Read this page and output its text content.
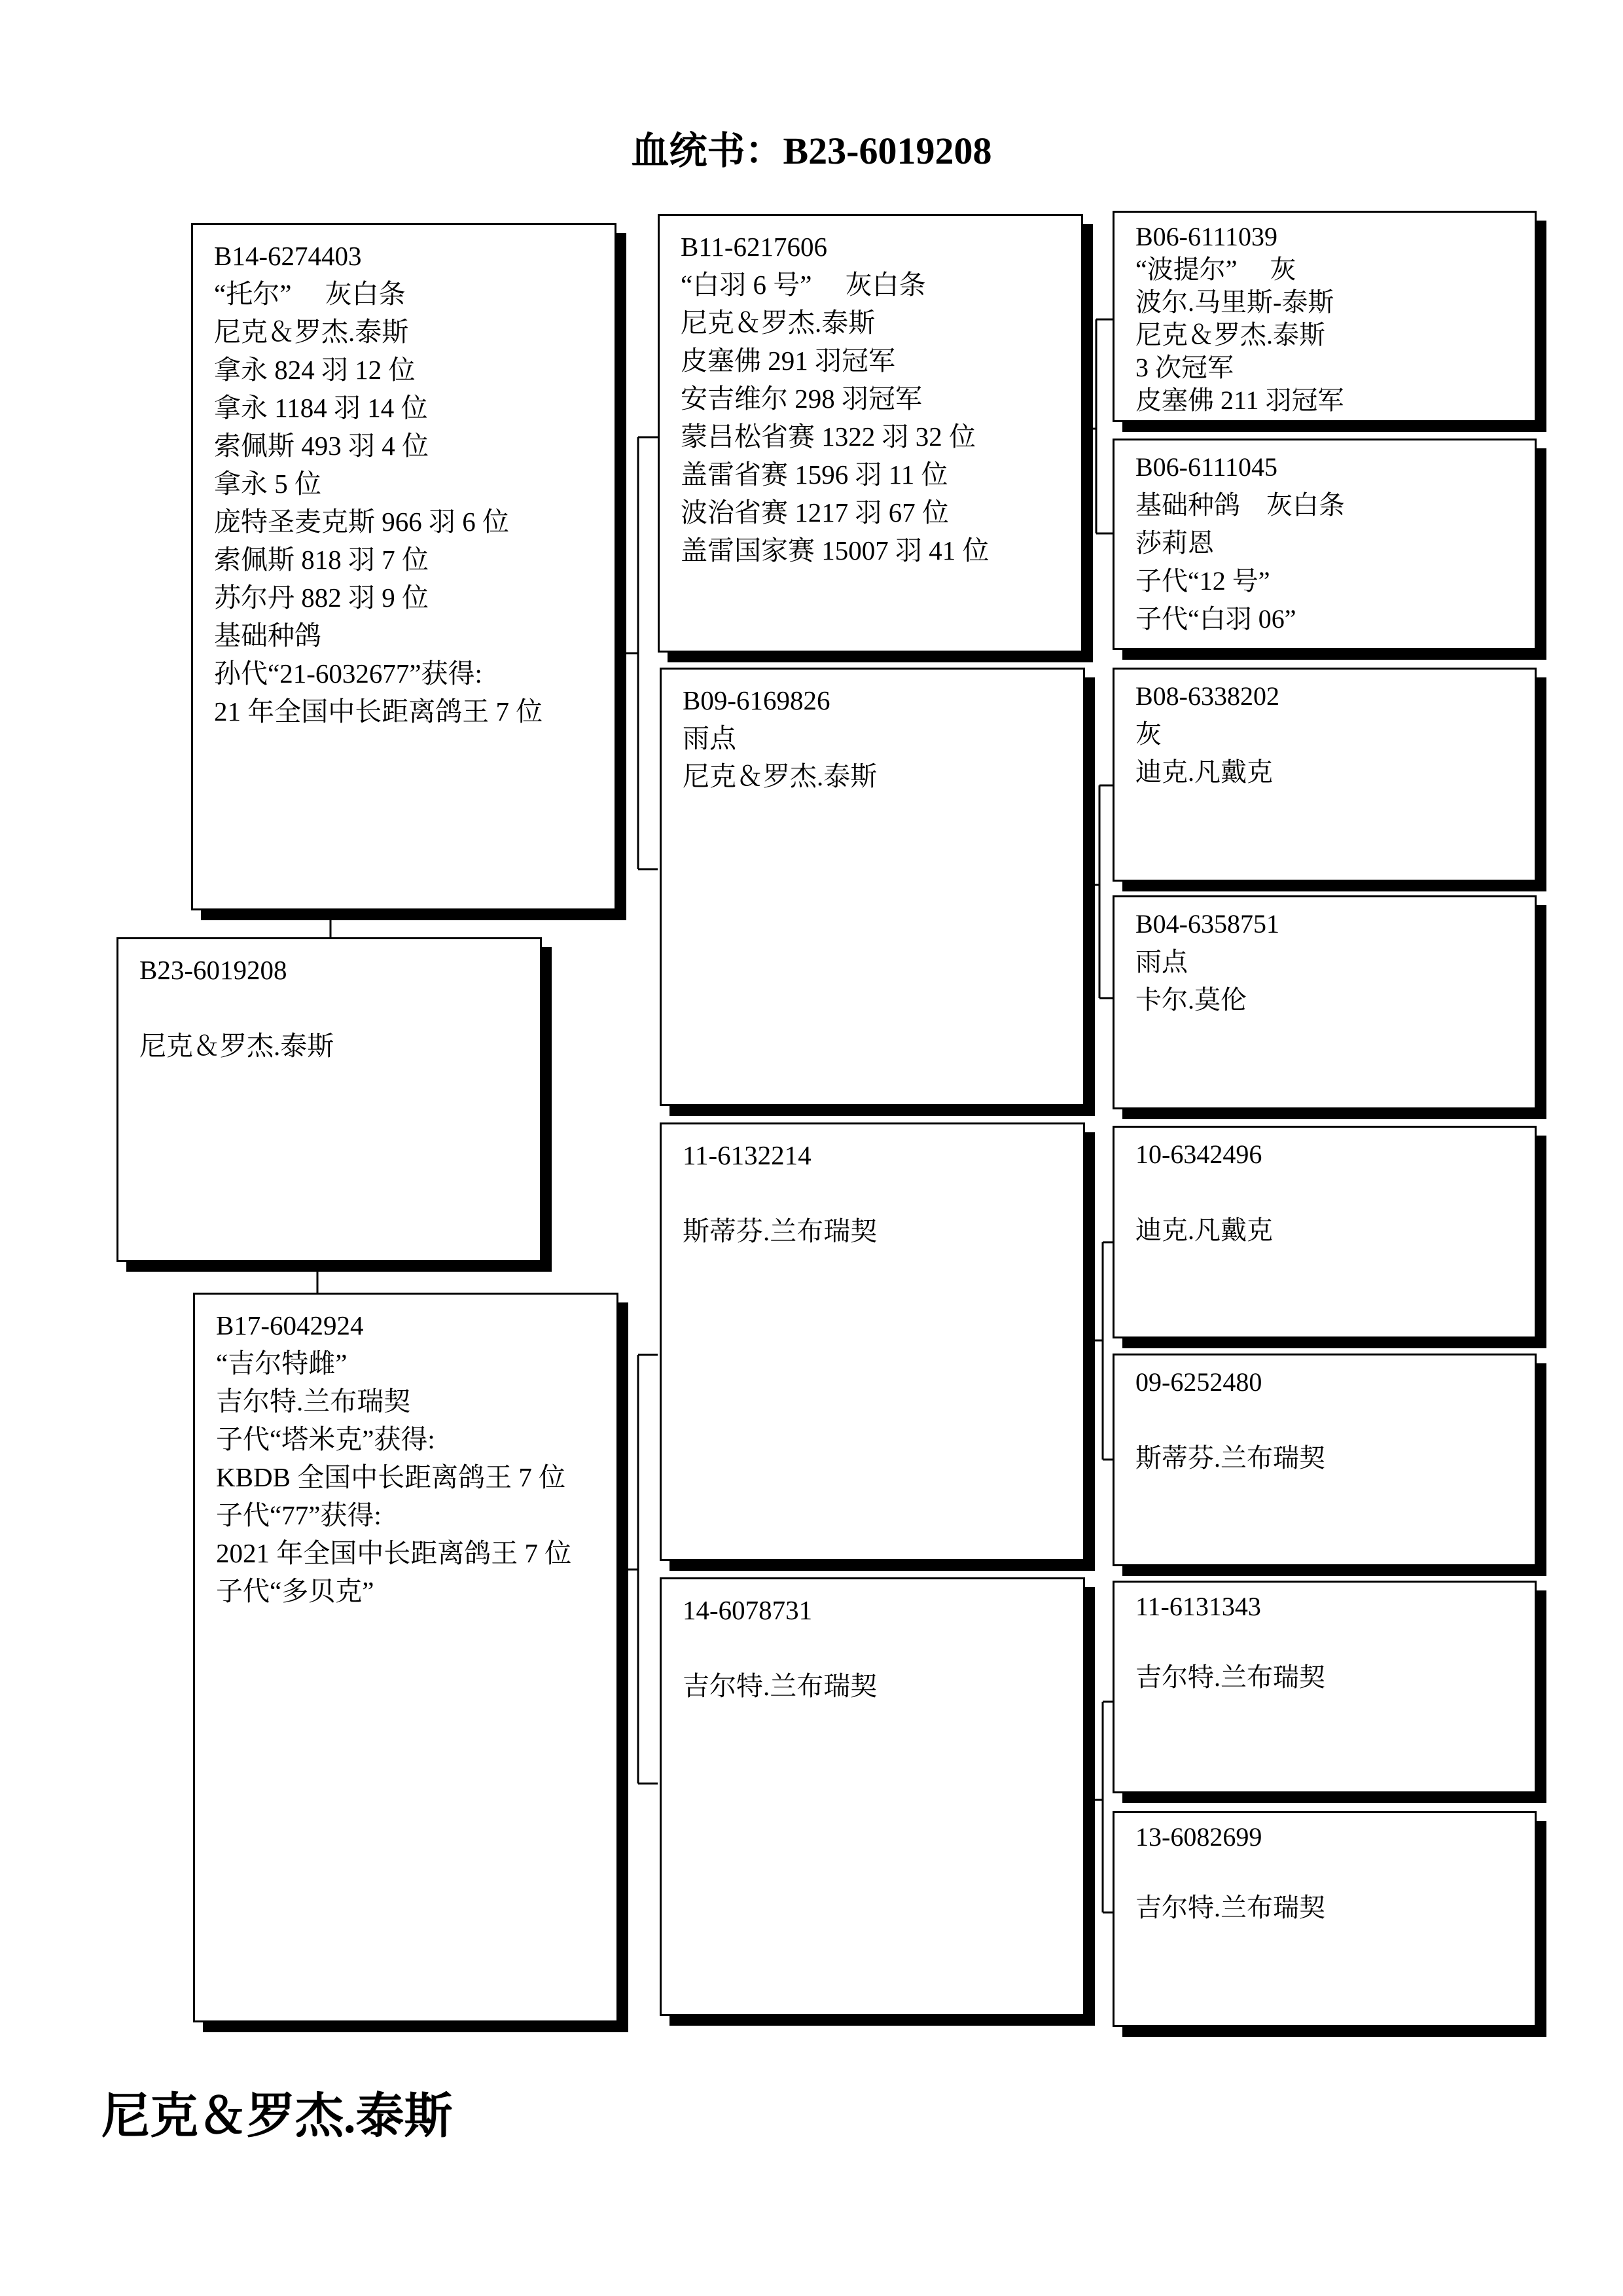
血统书：B23-6019208
B14-6274403
“托尔”　 灰白条
尼克＆罗杰.泰斯
拿永 824 羽 12 位
拿永 1184 羽 14 位
索佩斯 493 羽 4 位
拿永 5 位
庞特圣麦克斯 966 羽 6 位
索佩斯 818 羽 7 位
苏尔丹 882 羽 9 位
基础种鸽
孙代“21-6032677”获得:
21 年全国中长距离鸽王 7 位
B23-6019208
尼克＆罗杰.泰斯
B17-6042924
“吉尔特雌”
吉尔特.兰布瑞契
子代“塔米克”获得:
KBDB 全国中长距离鸽王 7 位
子代“77”获得:
2021 年全国中长距离鸽王 7 位
子代“多贝克”
B11-6217606
“白羽 6 号”　 灰白条
尼克＆罗杰.泰斯
皮塞佛 291 羽冠军
安吉维尔 298 羽冠军
蒙吕松省赛 1322 羽 32 位
盖雷省赛 1596 羽 11 位
波治省赛 1217 羽 67 位
盖雷国家赛 15007 羽 41 位
B09-6169826
雨点
尼克＆罗杰.泰斯
11-6132214
斯蒂芬.兰布瑞契
14-6078731
吉尔特.兰布瑞契
B06-6111039
“波提尔”　 灰
波尔.马里斯-泰斯
尼克＆罗杰.泰斯
3 次冠军
皮塞佛 211 羽冠军
B06-6111045
基础种鸽　灰白条
莎莉恩
子代“12 号”
子代“白羽 06”
B08-6338202
灰
迪克.凡戴克
B04-6358751
雨点
卡尔.莫伦
10-6342496
迪克.凡戴克
09-6252480
斯蒂芬.兰布瑞契
11-6131343
吉尔特.兰布瑞契
13-6082699
吉尔特.兰布瑞契
尼克＆罗杰.泰斯
